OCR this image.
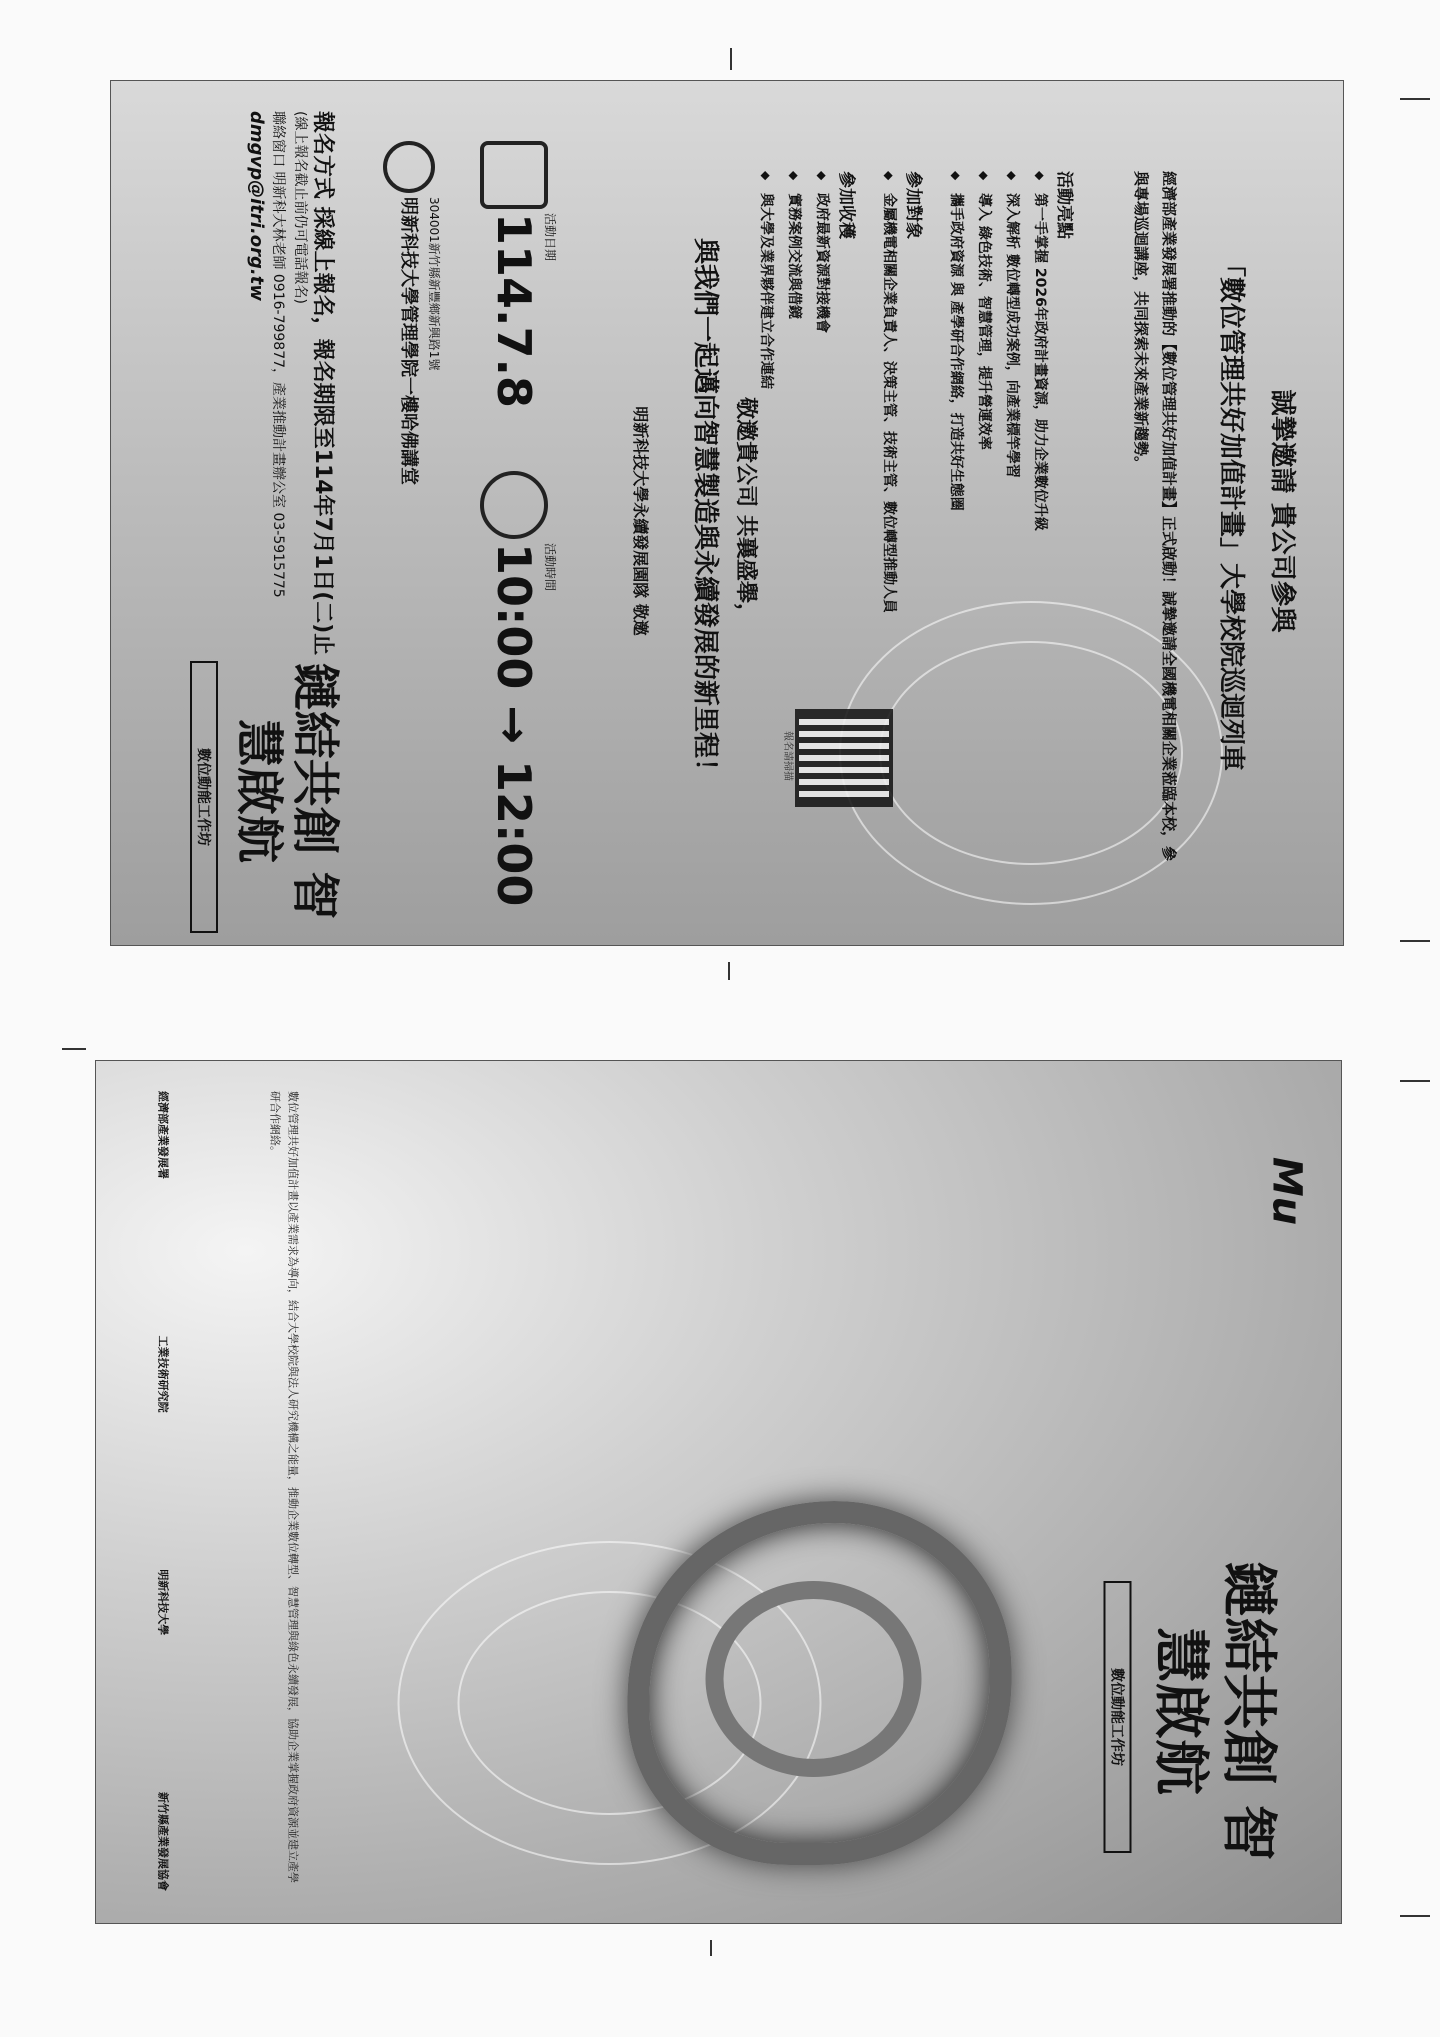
誠摯邀請 貴公司參與
「數位管理共好加值計畫」大學校院巡迴列車
經濟部產業發展署推動的【數位管理共好加值計畫】正式啟動！誠摯邀請全國機電相關企業蒞臨本校，參與專場巡迴講座，共同探索未來產業新趨勢。
活動亮點
◆ 第一手掌握 2026年政府計畫資源，助力企業數位升級
◆ 深入解析 數位轉型成功案例，向產業標竿學習
◆ 導入 綠色技術、智慧管理，提升營運效率
◆ 攜手政府資源 與 產學研合作網絡，打造共好生態圈
參加對象
◆ 金屬機電相關企業負責人、決策主管、技術主管、數位轉型推動人員
參加收穫
◆ 政府最新資源對接機會
◆ 實務案例交流與借鏡
◆ 與大學及業界夥伴建立合作連結
報名請掃描
敬邀貴公司 共襄盛舉，
與我們一起邁向智慧製造與永續發展的新里程！
明新科技大學永續發展園隊 敬邀
活動日期
114.7.8
活動時間
10:00 → 12:00
304001新竹縣新豐鄉新興路1號
明新科技大學管理學院一樓哈佛講堂
報名方式 採線上報名，報名期限至114年7月1日(二)止
(線上報名截止前仍可電話報名)
聯絡窗口 明新科大林老師 0916-799877，產業推動計畫辦公室 03-5915775
dmgvp@itri.org.tw
鏈結共創 智慧啟航
數位動能工作坊
Mu
鏈結共創 智慧啟航
數位動能工作坊
數位管理共好加值計畫以產業需求為導向，結合大學校院與法人研究機構之能量，推動企業數位轉型、智慧管理與綠色永續發展，協助企業掌握政府資源並建立產學研合作網絡。
經濟部產業發展署
工業技術研究院
明新科技大學
新竹縣產業發展協會
